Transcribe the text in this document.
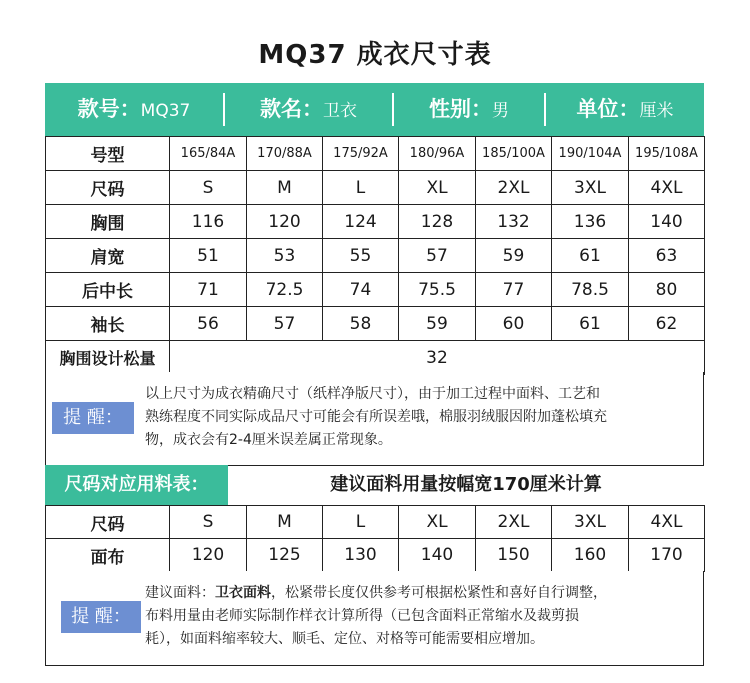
MQ37 成衣尺寸表
款号：MQ37	款名：卫衣	性别：男	单位：厘米
号型	165/84A	170/88A	175/92A	180/96A	185/100A	190/104A	195/108A
尺码	S	M	L	XL	2XL	3XL	4XL
胸围	116	120	124	128	132	136	140
肩宽	51	53	55	57	59	61	63
后中长	71	72.5	74	75.5	77	78.5	80
袖长	56	57	58	59	60	61	62
胸围设计松量	32						
提 醒：
以上尺寸为成衣精确尺寸（纸样净版尺寸），由于加工过程中面料、工艺和
熟练程度不同实际成品尺寸可能会有所误差哦，棉服羽绒服因附加蓬松填充
物，成衣会有2-4厘米误差属正常现象。
尺码对应用料表：	建议面料用量按幅宽170厘米计算
尺码	S	M	L	XL	2XL	3XL	4XL
面布	120	125	130	140	150	160	170
提 醒：
建议面料：卫衣面料，松紧带长度仅供参考可根据松紧性和喜好自行调整，
布料用量由老师实际制作样衣计算所得（已包含面料正常缩水及裁剪损
耗），如面料缩率较大、顺毛、定位、对格等可能需要相应增加。
